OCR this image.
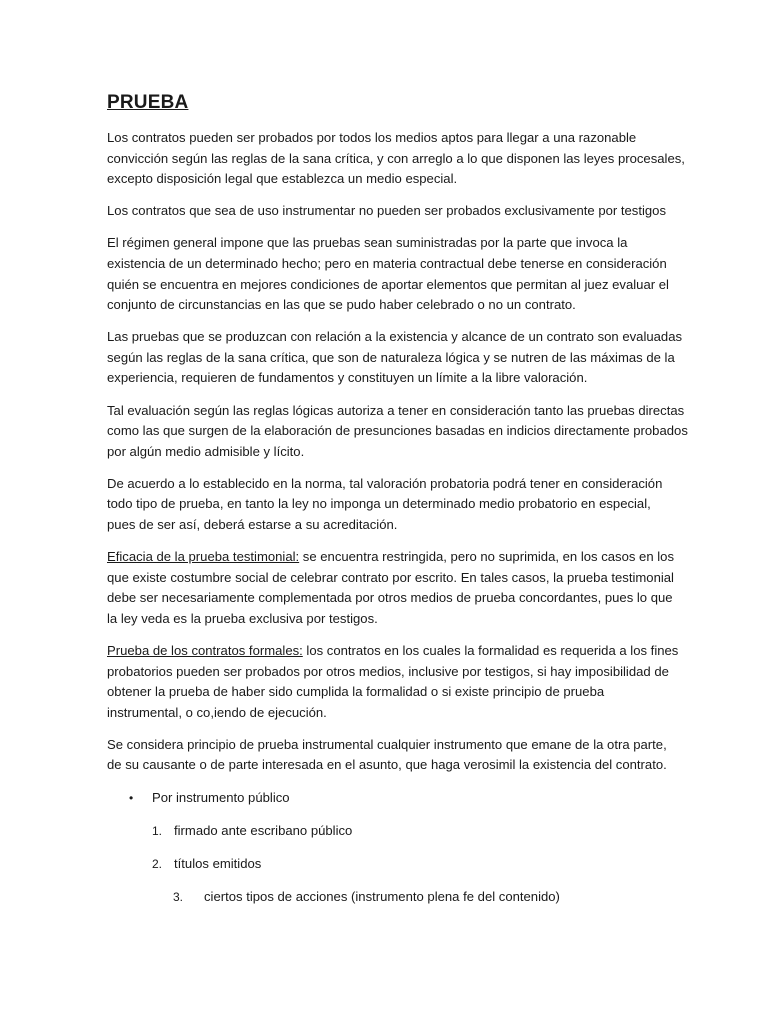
PRUEBA

Los contratos pueden ser probados por todos los medios aptos para llegar a una razonable
convicción según las reglas de la sana crítica, y con arreglo a lo que disponen las leyes procesales,
excepto disposición legal que establezca un medio especial.

Los contratos que sea de uso instrumentar no pueden ser probados exclusivamente por testigos

El régimen general impone que las pruebas sean suministradas por la parte que invoca la
existencia de un determinado hecho; pero en materia contractual debe tenerse en consideración
quién se encuentra en mejores condiciones de aportar elementos que permitan al juez evaluar el
conjunto de circunstancias en las que se pudo haber celebrado o no un contrato.

Las pruebas que se produzcan con relación a la existencia y alcance de un contrato son evaluadas
según las reglas de la sana crítica, que son de naturaleza lógica y se nutren de las máximas de la
experiencia, requieren de fundamentos y constituyen un límite a la libre valoración.

Tal evaluación según las reglas lógicas autoriza a tener en consideración tanto las pruebas directas
como las que surgen de la elaboración de presunciones basadas en indicios directamente probados
por algún medio admisible y lícito.

De acuerdo a lo establecido en la norma, tal valoración probatoria podrá tener en consideración
todo tipo de prueba, en tanto la ley no imponga un determinado medio probatorio en especial,
pues de ser así, deberá estarse a su acreditación.

Eficacia de la prueba testimonial: se encuentra restringida, pero no suprimida, en los casos en los
que existe costumbre social de celebrar contrato por escrito. En tales casos, la prueba testimonial
debe ser necesariamente complementada por otros medios de prueba concordantes, pues lo que
la ley veda es la prueba exclusiva por testigos.

Prueba de los contratos formales: los contratos en los cuales la formalidad es requerida a los fines
probatorios pueden ser probados por otros medios, inclusive por testigos, si hay imposibilidad de
obtener la prueba de haber sido cumplida la formalidad o si existe principio de prueba
instrumental, o co,iendo de ejecución.

Se considera principio de prueba instrumental cualquier instrumento que emane de la otra parte,
de su causante o de parte interesada en el asunto, que haga verosimil la existencia del contrato.

• Por instrumento público
1. firmado ante escribano público
2. títulos emitidos
3. ciertos tipos de acciones (instrumento plena fe del contenido)
